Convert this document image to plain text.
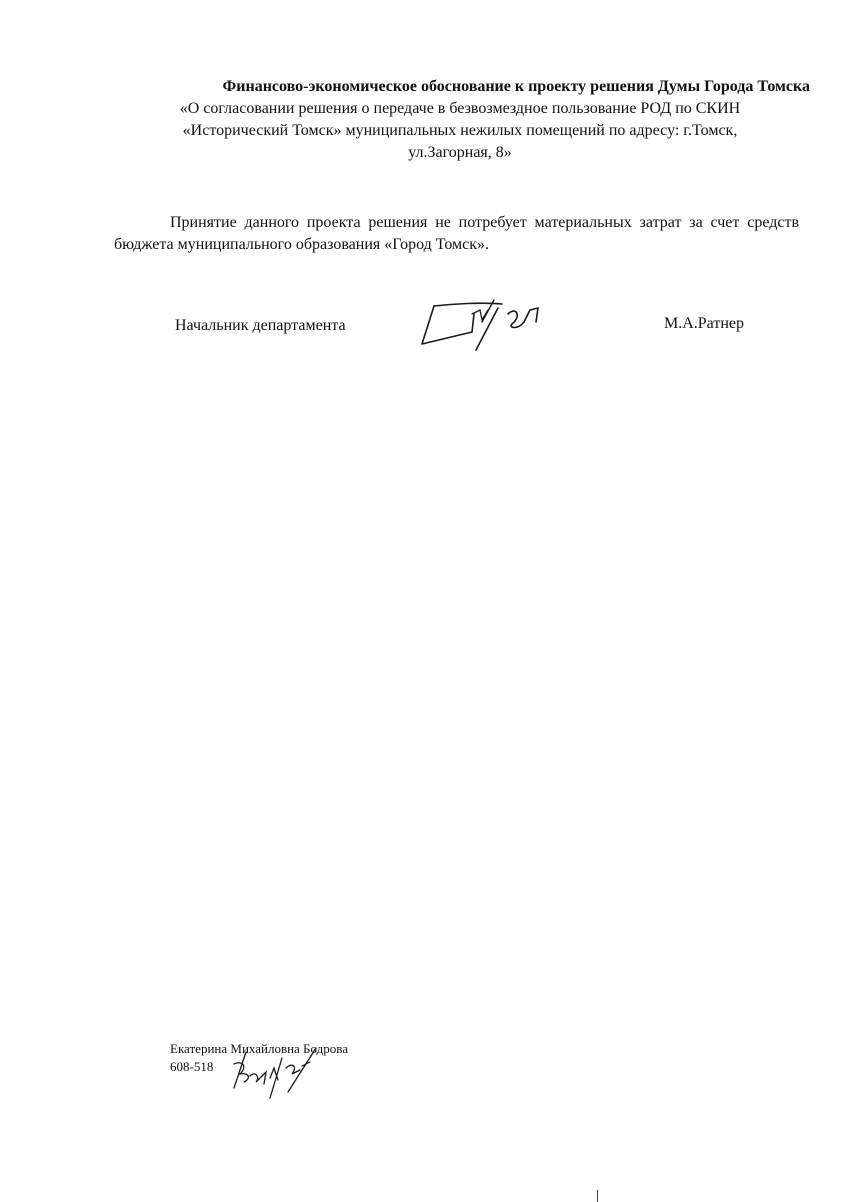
Финансово-экономическое обоснование к проекту решения Думы Города Томска
«О согласовании решения о передаче в безвозмездное пользование РОД по СКИН
«Исторический Томск» муниципальных нежилых помещений по адресу: г.Томск,
ул.Загорная, 8»

Принятие данного проекта решения не потребует материальных затрат за счет средств бюджета муниципального образования «Город Томск».

Начальник департамента	М.А.Ратнер
Екатерина Михайловна Бодрова
608-518
